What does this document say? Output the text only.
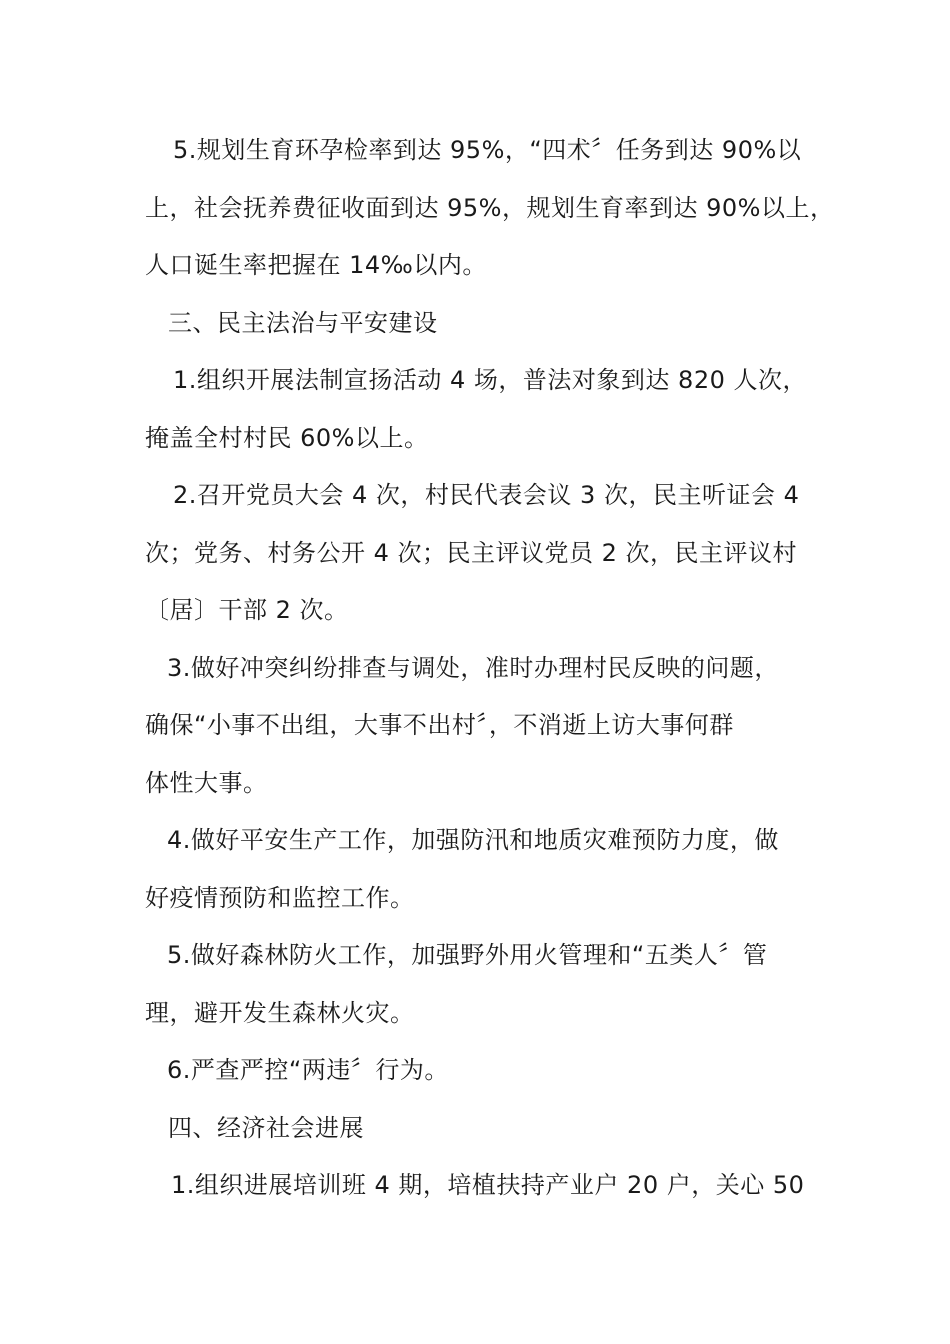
5.规划生育环孕检率到达 95%，“四术〞任务到达 90%以
上，社会抚养费征收面到达 95%，规划生育率到达 90%以上，
人口诞生率把握在 14‰以内。
三、民主法治与平安建设
1.组织开展法制宣扬活动 4 场，普法对象到达 820 人次，
掩盖全村村民 60%以上。
2.召开党员大会 4 次，村民代表会议 3 次，民主听证会 4
次；党务、村务公开 4 次；民主评议党员 2 次，民主评议村
〔居〕干部 2 次。
3.做好冲突纠纷排查与调处，准时办理村民反映的问题，
确保“小事不出组，大事不出村〞，不消逝上访大事何群
体性大事。
4.做好平安生产工作，加强防汛和地质灾难预防力度，做
好疫情预防和监控工作。
5.做好森林防火工作，加强野外用火管理和“五类人〞管
理，避开发生森林火灾。
6.严查严控“两违〞行为。
四、经济社会进展
1.组织进展培训班 4 期，培植扶持产业户 20 户，关心 50
